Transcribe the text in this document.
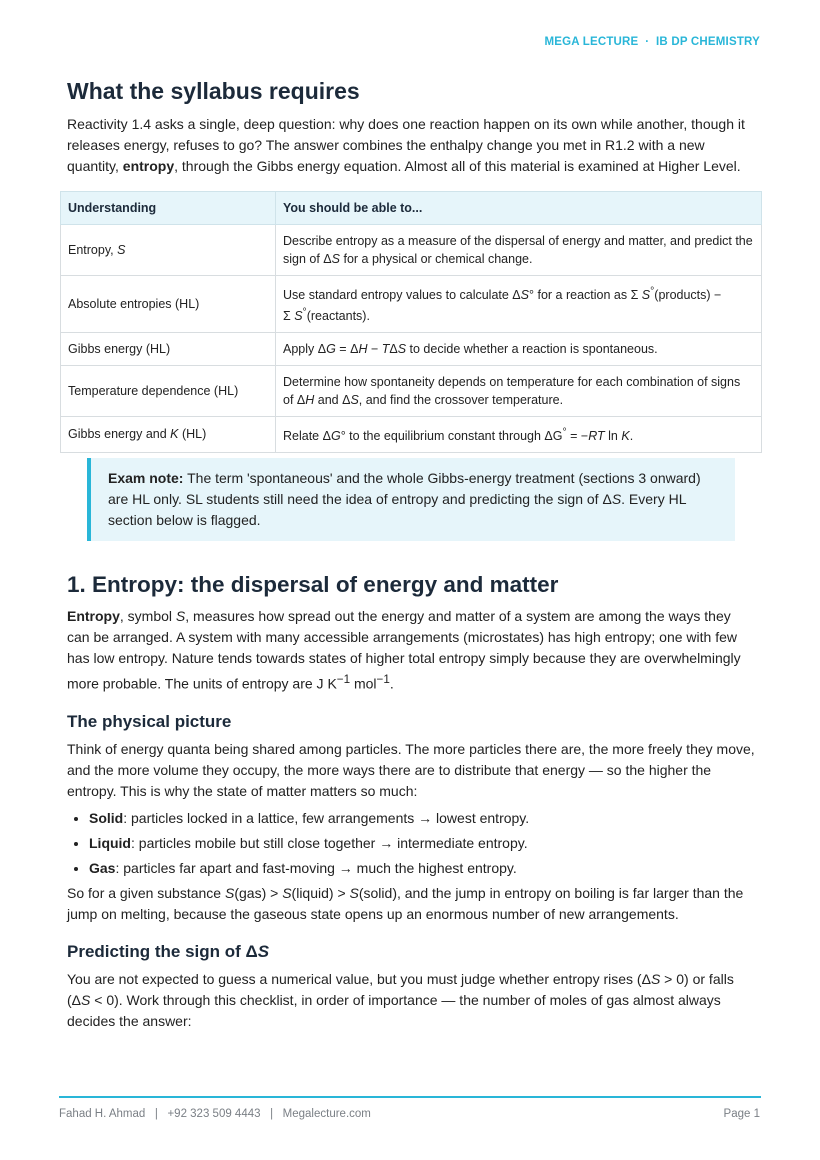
MEGA LECTURE  ·  IB DP CHEMISTRY
What the syllabus requires

Reactivity 1.4 asks a single, deep question: why does one reaction happen on its own while another, though it releases energy, refuses to go? The answer combines the enthalpy change you met in R1.2 with a new quantity, entropy, through the Gibbs energy equation. Almost all of this material is examined at Higher Level.

Understanding	You should be able to...
Entropy, S	Describe entropy as a measure of the dispersal of energy and matter, and predict the sign of ΔS for a physical or chemical change.
Absolute entropies (HL)	Use standard entropy values to calculate ΔS° for a reaction as Σ S°(products) −
Σ S°(reactants).
Gibbs energy (HL)	Apply ΔG = ΔH − TΔS to decide whether a reaction is spontaneous.
Temperature dependence (HL)	Determine how spontaneity depends on temperature for each combination of signs of ΔH and ΔS, and find the crossover temperature.
Gibbs energy and K (HL)	Relate ΔG° to the equilibrium constant through ΔG° = −RT ln K.
Exam note: The term 'spontaneous' and the whole Gibbs-energy treatment (sections 3 onward) are HL only. SL students still need the idea of entropy and predicting the sign of ΔS. Every HL section below is flagged.
1. Entropy: the dispersal of energy and matter

Entropy, symbol S, measures how spread out the energy and matter of a system are among the ways they can be arranged. A system with many accessible arrangements (microstates) has high entropy; one with few has low entropy. Nature tends towards states of higher total entropy simply because they are overwhelmingly more probable. The units of entropy are J $K^{-1}$ mol$^{-1}$.

The physical picture

Think of energy quanta being shared among particles. The more particles there are, the more freely they move, and the more volume they occupy, the more ways there are to distribute that energy — so the higher the entropy. This is why the state of matter matters so much:

• Solid: particles locked in a lattice, few arrangements → lowest entropy.
• Liquid: particles mobile but still close together → intermediate entropy.
• Gas: particles far apart and fast-moving → much the highest entropy.

So for a given substance S(gas) > S(liquid) > S(solid), and the jump in entropy on boiling is far larger than the jump on melting, because the gaseous state opens up an enormous number of new arrangements.

Predicting the sign of ΔS

You are not expected to guess a numerical value, but you must judge whether entropy rises (ΔS > 0) or falls (ΔS < 0). Work through this checklist, in order of importance — the number of moles of gas almost always decides the answer:

Fahad H. Ahmad   |   +92 323 509 4443   |   Megalecture.com	Page 1
